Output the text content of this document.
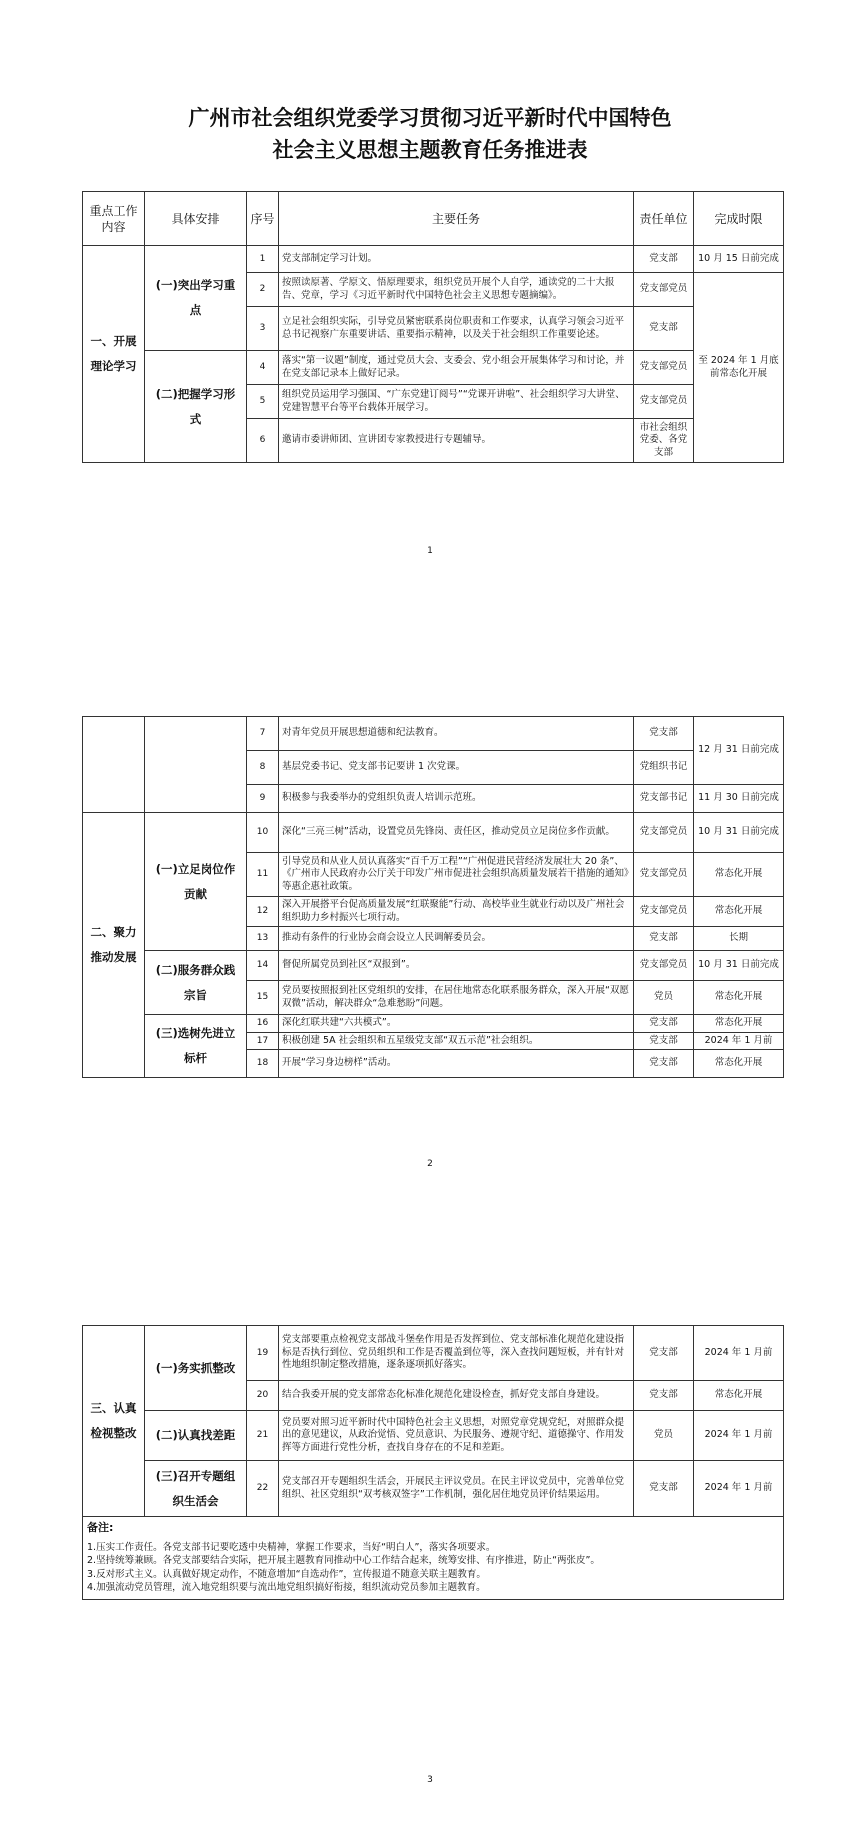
广州市社会组织党委学习贯彻习近平新时代中国特色
社会主义思想主题教育任务推进表
重点工作内容	具体安排	序号	主要任务	责任单位	完成时限
一、开展理论学习	(一)突出学习重点	1	党支部制定学习计划。	党支部	10 月 15 日前完成
		2	按照读原著、学原文、悟原理要求，组织党员开展个人自学，通读党的二十大报告、党章，学习《习近平新时代中国特色社会主义思想专题摘编》。	党支部党员	至 2024 年 1 月底前常态化开展
		3	立足社会组织实际，引导党员紧密联系岗位职责和工作要求，认真学习领会习近平总书记视察广东重要讲话、重要指示精神，以及关于社会组织工作重要论述。	党支部	
	(二)把握学习形式	4	落实“第一议题”制度，通过党员大会、支委会、党小组会开展集体学习和讨论，并在党支部记录本上做好记录。	党支部党员	
		5	组织党员运用学习强国、“广东党建订阅号”“党课开讲啦”、社会组织学习大讲堂、党建智慧平台等平台载体开展学习。	党支部党员	
		6	邀请市委讲师团、宣讲团专家教授进行专题辅导。	市社会组织党委、各党支部	
1
		7	对青年党员开展思想道德和纪法教育。	党支部	12 月 31 日前完成
		8	基层党委书记、党支部书记要讲 1 次党课。	党组织书记	
		9	积极参与我委举办的党组织负责人培训示范班。	党支部书记	11 月 30 日前完成
二、聚力推动发展	(一)立足岗位作贡献	10	深化“三亮三树”活动，设置党员先锋岗、责任区，推动党员立足岗位多作贡献。	党支部党员	10 月 31 日前完成
		11	引导党员和从业人员认真落实“百千万工程”“广州促进民营经济发展壮大 20 条”、《广州市人民政府办公厅关于印发广州市促进社会组织高质量发展若干措施的通知》等惠企惠社政策。	党支部党员	常态化开展
		12	深入开展搭平台促高质量发展“红联聚能”行动、高校毕业生就业行动以及广州社会组织助力乡村振兴七项行动。	党支部党员	常态化开展
		13	推动有条件的行业协会商会设立人民调解委员会。	党支部	长期
	(二)服务群众践宗旨	14	督促所属党员到社区“双报到”。	党支部党员	10 月 31 日前完成
		15	党员要按照报到社区党组织的安排，在居住地常态化联系服务群众，深入开展“双愿双微”活动，解决群众“急难愁盼”问题。	党员	常态化开展
	(三)选树先进立标杆	16	深化红联共建“六共模式”。	党支部	常态化开展
		17	积极创建 5A 社会组织和五星级党支部“双五示范”社会组织。	党支部	2024 年 1 月前
		18	开展“学习身边榜样”活动。	党支部	常态化开展
2
三、认真检视整改	(一)务实抓整改	19	党支部要重点检视党支部战斗堡垒作用是否发挥到位、党支部标准化规范化建设指标是否执行到位、党员组织和工作是否覆盖到位等，深入查找问题短板，并有针对性地组织制定整改措施，逐条逐项抓好落实。	党支部	2024 年 1 月前
		20	结合我委开展的党支部常态化标准化规范化建设检查，抓好党支部自身建设。	党支部	常态化开展
	(二)认真找差距	21	党员要对照习近平新时代中国特色社会主义思想，对照党章党规党纪，对照群众提出的意见建议，从政治觉悟、党员意识、为民服务、遵规守纪、道德操守、作用发挥等方面进行党性分析，查找自身存在的不足和差距。	党员	2024 年 1 月前
	(三)召开专题组织生活会	22	党支部召开专题组织生活会，开展民主评议党员。在民主评议党员中，完善单位党组织、社区党组织“双考核双签字”工作机制，强化居住地党员评价结果运用。	党支部	2024 年 1 月前
备注:					

1.压实工作责任。各党支部书记要吃透中央精神，掌握工作要求，当好“明白人”，落实各项要求。
2.坚持统筹兼顾。各党支部要结合实际，把开展主题教育同推动中心工作结合起来，统筹安排、有序推进，防止“两张皮”。
3.反对形式主义。认真做好规定动作，不随意增加“自选动作”，宣传报道不随意关联主题教育。
4.加强流动党员管理，流入地党组织要与流出地党组织搞好衔接，组织流动党员参加主题教育。					
3
